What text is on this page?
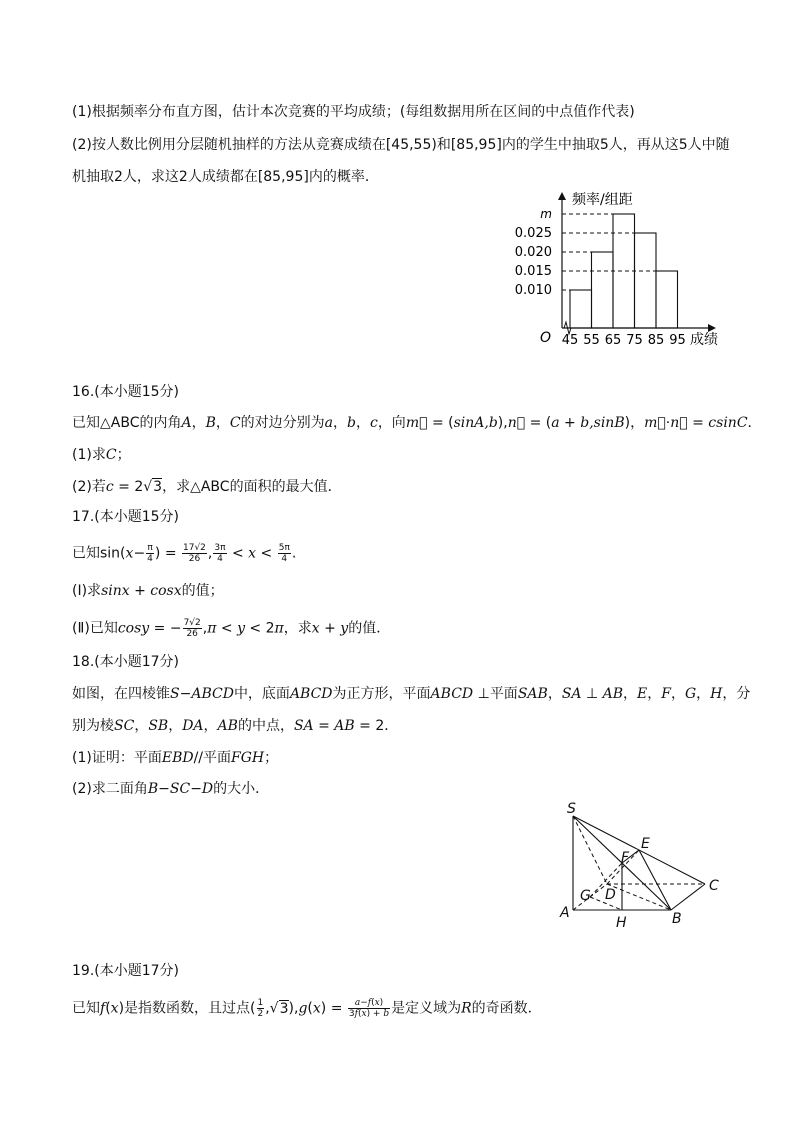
(1)根据频率分布直方图，估计本次竞赛的平均成绩；(每组数据用所在区间的中点值作代表)
(2)按人数比例用分层随机抽样的方法从竞赛成绩在[45,55)和[85,95]内的学生中抽取5人，再从这5人中随
机抽取2人，求这2人成绩都在[85,95]内的概率．
m
0.025
0.020
0.015
0.010
45 55 65 75 85 95
频率/组距
成绩
O
16.(本小题15分)
已知△ABC的内角A，B，C的对边分别为a，b，c，向m⃗ = (sinA,b),n⃗ = (a + b,sinB)，m⃗·n⃗ = csinC．
(1)求C；
(2)若c = 2√3，求△ABC的面积的最大值．
17.(本小题15分)
已知$\sin(x- \frac{\pi}{4}$ ) = $\frac{17√2}{26}$ , $\frac{3\pi}{4} < x < \frac{5\pi}{4}$ .
(Ⅰ)求sinx + cosx的值；
(Ⅱ)已知cosy = − $\frac{7√2}{26} ,\pi < y < 2\pi$，求x + y的值．
18.(本小题17分)
如图，在四棱锥S−ABCD中，底面ABCD为正方形，平面ABCD ⊥平面SAB，SA ⊥ AB，E，F，G，H，分
别为棱SC，SB，DA，AB的中点，SA = AB = 2．
(1)证明：平面EBD//平面FGH；
(2)求二面角B−SC−D的大小．
S
E
F
C
G D
A
H	B
19.(本小题17分)
已知f(x)是指数函数，且过点( $\frac{1}{2} ,√3),g(x) = \frac{a-f(x)}{3f(x) + b}$ 是定义域为R的奇函数．
